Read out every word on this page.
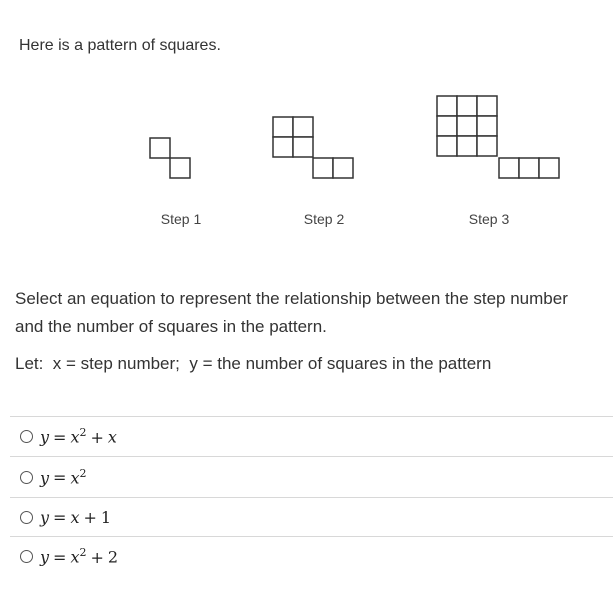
Here is a pattern of squares.
Step 1	Step 2	Step 3
Select an equation to represent the relationship between the step number and the number of squares in the pattern.
Let:  x = step number;  y = the number of squares in the pattern
$y = x^2 + x$
$y = x^2$
y = x + 1
$y = x^2 + 2$
